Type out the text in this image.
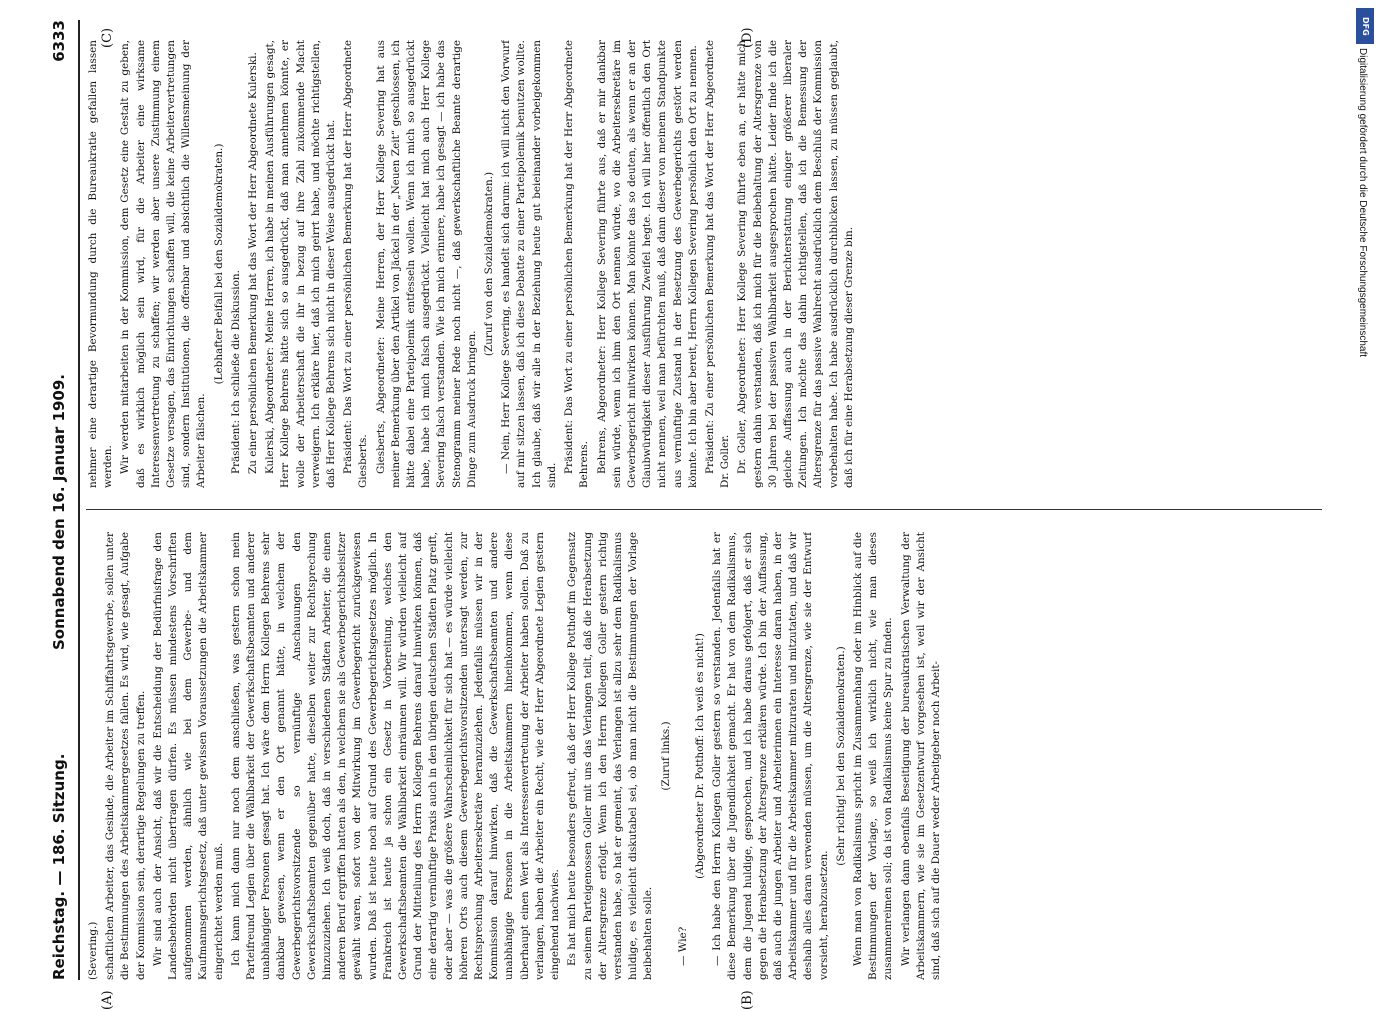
Reichstag. — 186. Sitzung.
Sonnabend den 16. Januar 1909.
6333

(Severing.) schaftlichen Arbeiter, das Gesinde, die Arbeiter im Schiffahrtsgewerbe, sollen unter die Bestimmungen des Arbeitskammergesetzes fallen. Es wird, wie gesagt, Aufgabe der Kommission sein, derartige Regelungen zu treffen. Wir sind auch der Ansicht, daß wir die Entscheidung der Bedürfnisfrage den Landesbehörden nicht übertragen dürfen. Es müssen mindestens Vorschriften aufgenommen werden, ähnlich wie bei dem Gewerbe- und dem Kaufmannsgerichtsgesetz, daß unter gewissen Voraussetzungen die Arbeitskammer eingerichtet werden muß. Ich kann mich dann nur noch dem anschließen, was gestern schon mein Parteifreund Legien über die Wählbarkeit der Gewerkschaftsbeamten und anderer unabhängiger Personen gesagt hat. Ich wäre dem Herrn Kollegen Behrens sehr dankbar gewesen, wenn er den Ort genannt hätte, in welchem der Gewerbegerichtsvorsitzende so vernünftige Anschauungen den Gewerkschaftsbeamten gegenüber hatte, dieselben weiter zur Rechtsprechung hinzuzuziehen. Ich weiß doch, daß in verschiedenen Städten Arbeiter, die einen anderen Beruf ergriffen hatten als den, in welchem sie als Gewerbegerichtsbeisitzer gewählt waren, sofort von der Mitwirkung im Gewerbegericht zurückgewiesen wurden. Daß ist heute noch auf Grund des Gewerbegerichtsgesetzes möglich. In Frankreich ist heute ja schon ein Gesetz in Vorbereitung, welches den Gewerkschaftsbeamten die Wählbarkeit einräumen will. Wir würden vielleicht auf Grund der Mitteilung des Herrn Kollegen Behrens darauf hinwirken können, daß eine derartig vernünftige Praxis auch in den übrigen deutschen Städten Platz greift, oder aber — was die größere Wahrscheinlichkeit für sich hat — es würde vielleicht höheren Orts auch diesem Gewerbegerichtsvorsitzenden untersagt werden, zur Rechtsprechung Arbeitersekretäre heranzuziehen. Jedenfalls müssen wir in der Kommission darauf hinwirken, daß die Gewerkschaftsbeamten und andere unabhängige Personen in die Arbeitskammern hineinkommen, wenn diese überhaupt einen Wert als Interessenvertretung der Arbeiter haben sollen. Daß zu verlangen, haben die Arbeiter ein Recht, wie der Herr Abgeordnete Legien gestern eingehend nachwies. Es hat mich heute besonders gefreut, daß der Herr Kollege Potthoff im Gegensatz zu seinem Parteigenossen Goller mit uns das Verlangen teilt, daß die Herabsetzung der Altersgrenze erfolgt. Wenn ich den Herrn Kollegen Goller gestern richtig verstanden habe, so hat er gemeint, das Verlangen ist allzu sehr dem Radikalismus huldige, es vielleicht diskutabel sei, ob man nicht die Bestimmungen der Vorlage beibehalten solle.

(Zuruf links.)

— Wie?

(Abgeordneter Dr. Potthoff: Ich weiß es nicht!) — Ich habe den Herrn Kollegen Goller gestern so verstanden. Jedenfalls hat er diese Bemerkung über die Jugendlichkeit gemacht. Er hat von dem Radikalismus, dem die Jugend huldige, gesprochen, und ich habe daraus gefolgert, daß er sich gegen die Herabsetzung der Altersgrenze erklären würde. Ich bin der Auffassung, daß auch die jungen Arbeiter und Arbeiterinnen ein Interesse daran haben, in der Arbeitskammer und für die Arbeitskammer mitzuraten und mitzutaten, und daß wir deshalb alles daran verwenden müssen, um die Altersgrenze, wie sie der Entwurf vorsieht, herabzusetzen.

(Sehr richtig! bei den Sozialdemokraten.) Wenn man von Radikalismus spricht im Zusammenhang oder im Hinblick auf die Bestimmungen der Vorlage, so weiß ich wirklich nicht, wie man dieses zusammenreimen soll; da ist von Radikalismus keine Spur zu finden. Wir verlangen dann ebenfalls Beseitigung der bureaukratischen Verwaltung der Arbeitskammern, wie sie im Gesetzentwurf vorgesehen ist, weil wir der Ansicht sind, daß sich auf die Dauer weder Arbeitgeber noch Arbeit-

nehmer eine derartige Bevormundung durch die Bureaukratie gefallen lassen werden. Wir werden mitarbeiten in der Kommission, dem Gesetz eine Gestalt zu geben, daß es wirklich möglich sein wird, für die Arbeiter eine wirksame Interessenvertretung zu schaffen; wir werden aber unsere Zustimmung einem Gesetze versagen, das Einrichtungen schaffen will, die keine Arbeitervertretungen sind, sondern Institutionen, die offenbar und absichtlich die Willensmeinung der Arbeiter fälschen.

(Lebhafter Beifall bei den Sozialdemokraten.) Präsident: Ich schließe die Diskussion. Zu einer persönlichen Bemerkung hat das Wort der Herr Abgeordnete Kulerski. Kulerski, Abgeordneter: Meine Herren, ich habe in meinen Ausführungen gesagt, Herr Kollege Behrens hätte sich so ausgedrückt, daß man annehmen könnte, er wolle der Arbeiterschaft die ihr in bezug auf ihre Zahl zukommende Macht verweigern. Ich erkläre hier, daß ich mich geirrt habe, und möchte richtigstellen, daß Herr Kollege Behrens sich nicht in dieser Weise ausgedrückt hat. Präsident: Das Wort zu einer persönlichen Bemerkung hat der Herr Abgeordnete Giesberts. Giesberts, Abgeordneter: Meine Herren, der Herr Kollege Severing hat aus meiner Bemerkung über den Artikel von Jäckel in der „Neuen Zeit“ geschlossen, ich hätte dabei eine Parteipolemik entfesseln wollen. Wenn ich mich so ausgedrückt habe, habe ich mich falsch ausgedrückt. Vielleicht hat mich auch Herr Kollege Severing falsch verstanden. Wie ich mich erinnere, habe ich gesagt — ich habe das Stenogramm meiner Rede noch nicht —, daß gewerkschaftliche Beamte derartige Dinge zum Ausdruck bringen.

(Zuruf von den Sozialdemokraten.) — Nein, Herr Kollege Severing, es handelt sich darum: ich will nicht den Vorwurf auf mir sitzen lassen, daß ich diese Debatte zu einer Parteipolemik benutzen wollte. Ich glaube, daß wir alle in der Beziehung heute gut beieinander vorbeigekommen sind.

Präsident: Das Wort zu einer persönlichen Bemerkung hat der Herr Abgeordnete Behrens. Behrens, Abgeordneter: Herr Kollege Severing führte aus, daß er mir dankbar sein würde, wenn ich ihm den Ort nennen würde, wo die Arbeitersekretäre im Gewerbegericht mitwirken können. Man könnte das so deuten, als wenn er an der Glaubwürdigkeit dieser Ausführung Zweifel hegte. Ich will hier öffentlich den Ort nicht nennen, weil man befürchten muß, daß dann dieser von meinem Standpunkte aus vernünftige Zustand in der Besetzung des Gewerbegerichts gestört werden könnte. Ich bin aber bereit, Herrn Kollegen Severing persönlich den Ort zu nennen. Präsident: Zu einer persönlichen Bemerkung hat das Wort der Herr Abgeordnete Dr. Goller. Dr. Goller, Abgeordneter: Herr Kollege Severing führte eben an, er hätte mich gestern dahin verstanden, daß ich mich für die Beibehaltung der Altersgrenze von 30 Jahren bei der passiven Wählbarkeit ausgesprochen hätte. Leider finde ich die gleiche Auffassung auch in der Berichterstattung einiger größerer liberaler Zeitungen. Ich möchte das dahin richtigstellen, daß ich die Bemessung der Altersgrenze für das passive Wahlrecht ausdrücklich dem Beschluß der Kommission vorbehalten habe. Ich habe ausdrücklich durchblicken lassen, zu müssen geglaubt, daß ich für eine Herabsetzung dieser Grenze bin.

(A)	(B)
(C)	(D)
DFG
Digitalisierung gefördert durch die Deutsche Forschungsgemeinschaft
